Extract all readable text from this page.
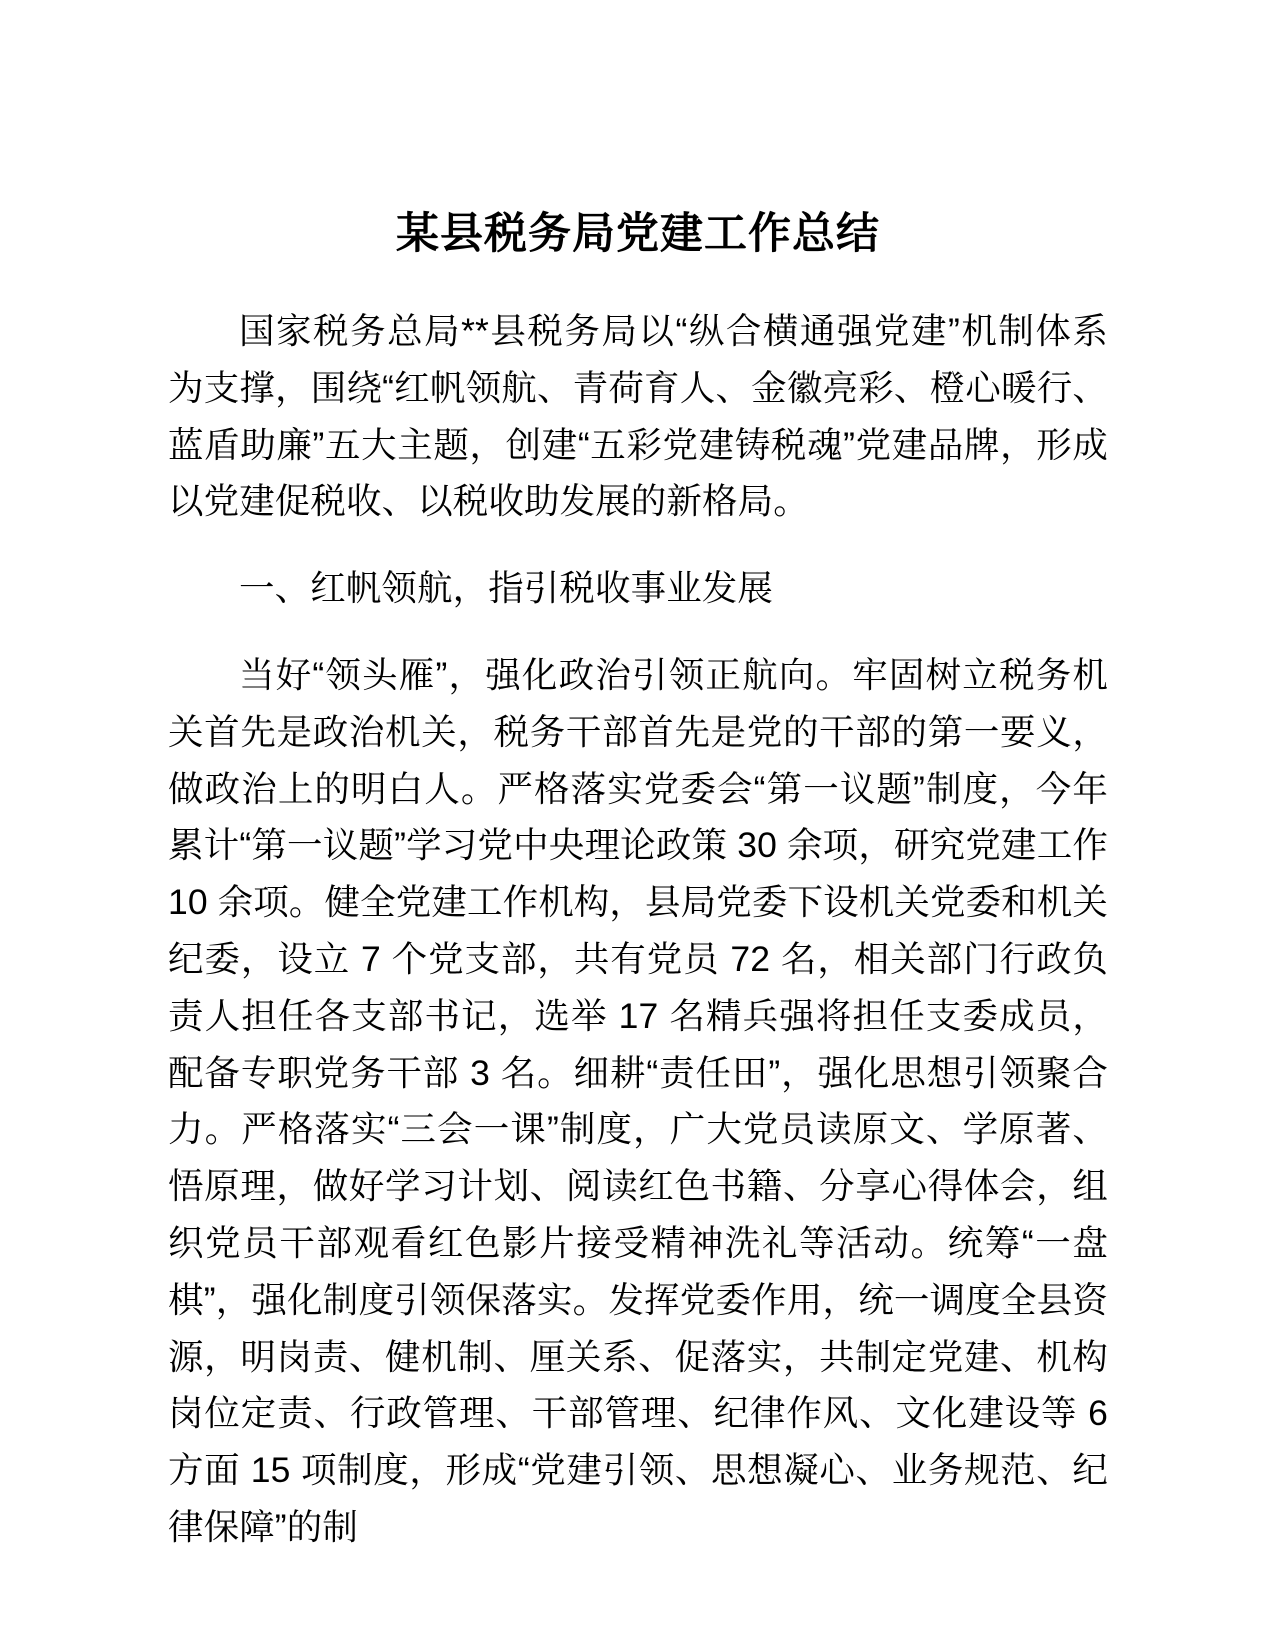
某县税务局党建工作总结

国家税务总局**县税务局以“纵合横通强党建”机制体系为支撑，围绕“红帆领航、青荷育人、金徽亮彩、橙心暖行、蓝盾助廉”五大主题，创建“五彩党建铸税魂”党建品牌，形成以党建促税收、以税收助发展的新格局。

一、红帆领航，指引税收事业发展

当好“领头雁”，强化政治引领正航向。牢固树立税务机关首先是政治机关，税务干部首先是党的干部的第一要义，做政治上的明白人。严格落实党委会“第一议题”制度，今年累计“第一议题”学习党中央理论政策 30 余项，研究党建工作 10 余项。健全党建工作机构，县局党委下设机关党委和机关纪委，设立 7 个党支部，共有党员 72 名，相关部门行政负责人担任各支部书记，选举 17 名精兵强将担任支委成员，配备专职党务干部 3 名。细耕“责任田”，强化思想引领聚合力。严格落实“三会一课”制度，广大党员读原文、学原著、悟原理，做好学习计划、阅读红色书籍、分享心得体会，组织党员干部观看红色影片接受精神洗礼等活动。统筹“一盘棋”，强化制度引领保落实。发挥党委作用，统一调度全县资源，明岗责、健机制、厘关系、促落实，共制定党建、机构岗位定责、行政管理、干部管理、纪律作风、文化建设等 6 方面 15 项制度，形成“党建引领、思想凝心、业务规范、纪律保障”的制
